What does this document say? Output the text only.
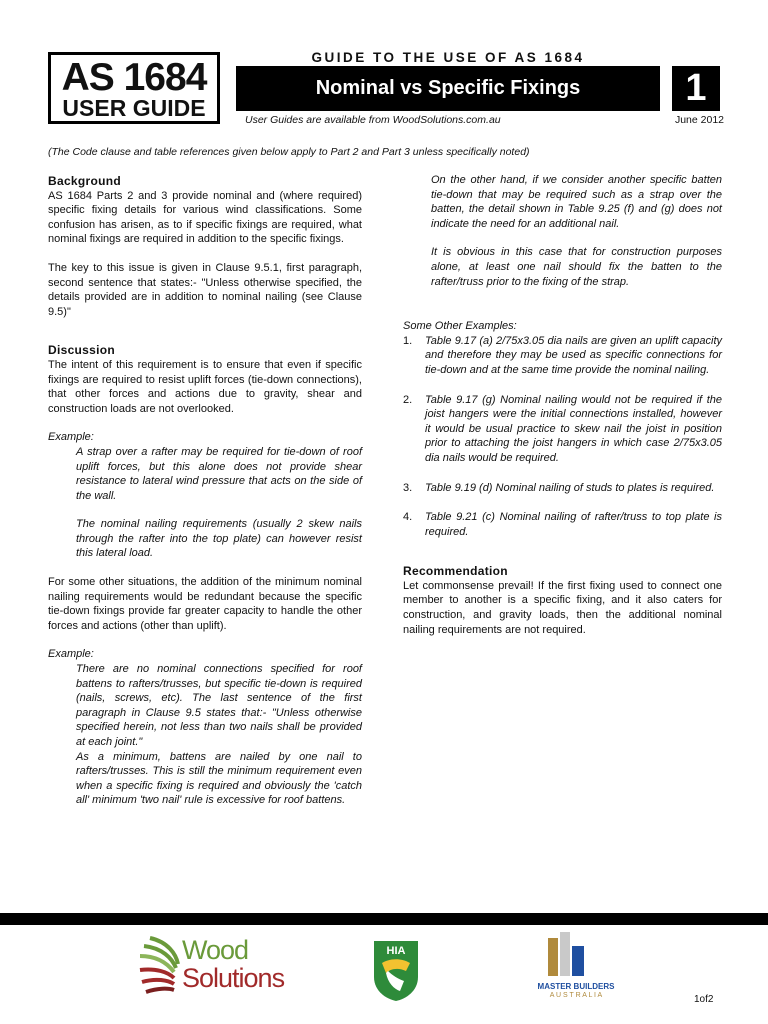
AS 1684
USER GUIDE
GUIDE TO THE USE OF AS 1684
Nominal vs Specific Fixings	1
User Guides are available from WoodSolutions.com.au	June 2012
(The Code clause and table references given below apply to Part 2 and Part 3 unless specifically noted)
Background

AS 1684 Parts 2 and 3 provide nominal and (where required) specific fixing details for various wind classifications. Some confusion has arisen, as to if specific fixings are required, what nominal fixings are required in addition to the specific fixings.

The key to this issue is given in Clause 9.5.1, first paragraph, second sentence that states:- "Unless otherwise specified, the details provided are in addition to nominal nailing (see Clause 9.5)"

Discussion

The intent of this requirement is to ensure that even if specific fixings are required to resist uplift forces (tie-down connections), that other forces and actions due to gravity, shear and construction loads are not overlooked.

Example:

A strap over a rafter may be required for tie-down of roof uplift forces, but this alone does not provide shear resistance to lateral wind pressure that acts on the side of the wall.

The nominal nailing requirements (usually 2 skew nails through the rafter into the top plate) can however resist this lateral load.

For some other situations, the addition of the minimum nominal nailing requirements would be redundant because the specific tie-down fixings provide far greater capacity to handle the other forces and actions (other than uplift).

Example:

There are no nominal connections specified for roof battens to rafters/trusses, but specific tie-down is required (nails, screws, etc). The last sentence of the first paragraph in Clause 9.5 states that:- "Unless otherwise specified herein, not less than two nails shall be provided at each joint."

As a minimum, battens are nailed by one nail to rafters/trusses. This is still the minimum requirement even when a specific fixing is required and obviously the 'catch all' minimum 'two nail' rule is excessive for roof battens.

On the other hand, if we consider another specific batten tie-down that may be required such as a strap over the batten, the detail shown in Table 9.25 (f) and (g) does not indicate the need for an additional nail.

It is obvious in this case that for construction purposes alone, at least one nail should fix the batten to the rafter/truss prior to the fixing of the strap.

Some Other Examples:

1. Table 9.17 (a) 2/75x3.05 dia nails are given an uplift capacity and therefore they may be used as specific connections for tie-down and at the same time provide the nominal nailing.
2. Table 9.17 (g) Nominal nailing would not be required if the joist hangers were the initial connections installed, however it would be usual practice to skew nail the joist in position prior to attaching the joist hangers in which case 2/75x3.05 dia nails would be required.
3. Table 9.19 (d) Nominal nailing of studs to plates is required.
4. Table 9.21 (c) Nominal nailing of rafter/truss to top plate is required.
Recommendation

Let commonsense prevail! If the first fixing used to connect one member to another is a specific fixing, and it also caters for construction, and gravity loads, then the additional nominal nailing requirements are not required.

Wood
Solutions
HIA
MASTER BUILDERS
A U S T R A L I A	1of2
